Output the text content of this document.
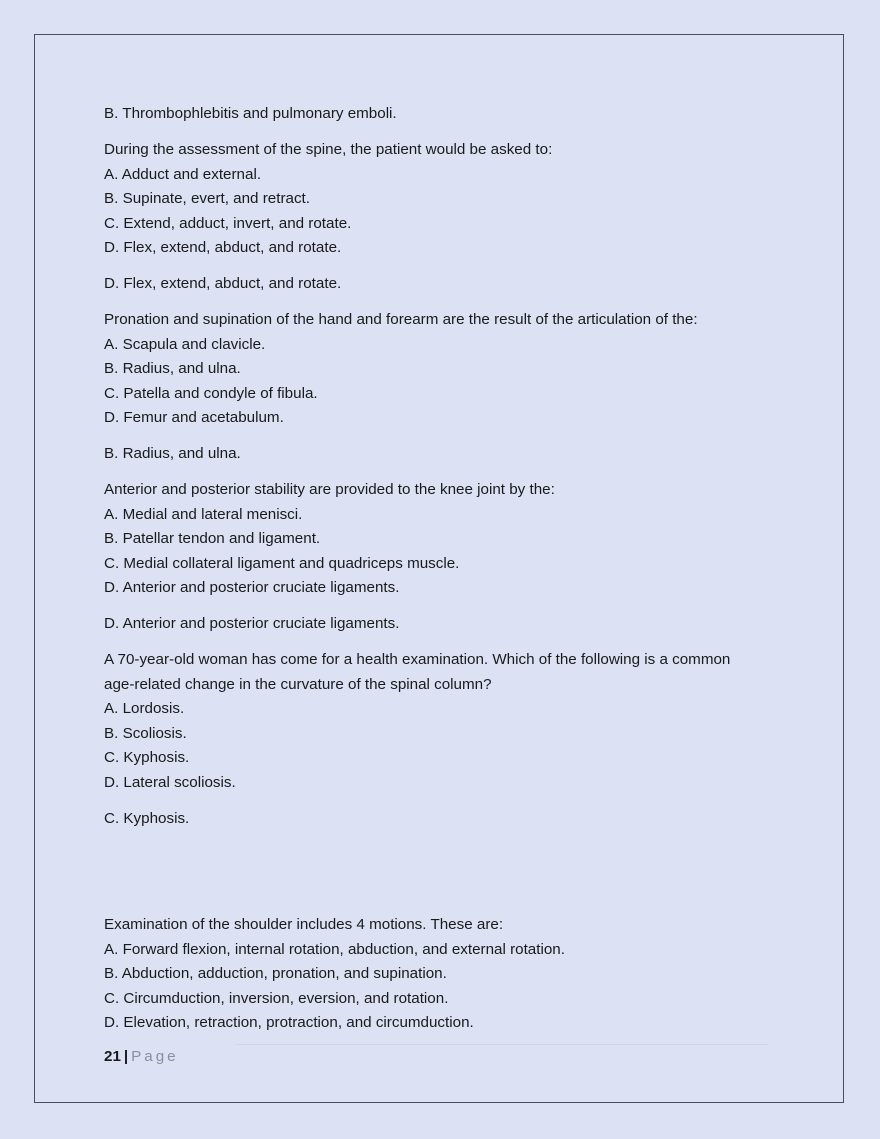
B. Thrombophlebitis and pulmonary emboli.

During the assessment of the spine, the patient would be asked to:

A. Adduct and external.

B. Supinate, evert, and retract.

C. Extend, adduct, invert, and rotate.

D. Flex, extend, abduct, and rotate.

D. Flex, extend, abduct, and rotate.

Pronation and supination of the hand and forearm are the result of the articulation of the:

A. Scapula and clavicle.

B. Radius, and ulna.

C. Patella and condyle of fibula.

D. Femur and acetabulum.

B. Radius, and ulna.

Anterior and posterior stability are provided to the knee joint by the:

A. Medial and lateral menisci.

B. Patellar tendon and ligament.

C. Medial collateral ligament and quadriceps muscle.

D. Anterior and posterior cruciate ligaments.

D. Anterior and posterior cruciate ligaments.

A 70-year-old woman has come for a health examination. Which of the following is a common

age-related change in the curvature of the spinal column?

A. Lordosis.

B. Scoliosis.

C. Kyphosis.

D. Lateral scoliosis.

C. Kyphosis.

Examination of the shoulder includes 4 motions. These are:

A. Forward flexion, internal rotation, abduction, and external rotation.

B. Abduction, adduction, pronation, and supination.

C. Circumduction, inversion, eversion, and rotation.

D. Elevation, retraction, protraction, and circumduction.

21 | Page
